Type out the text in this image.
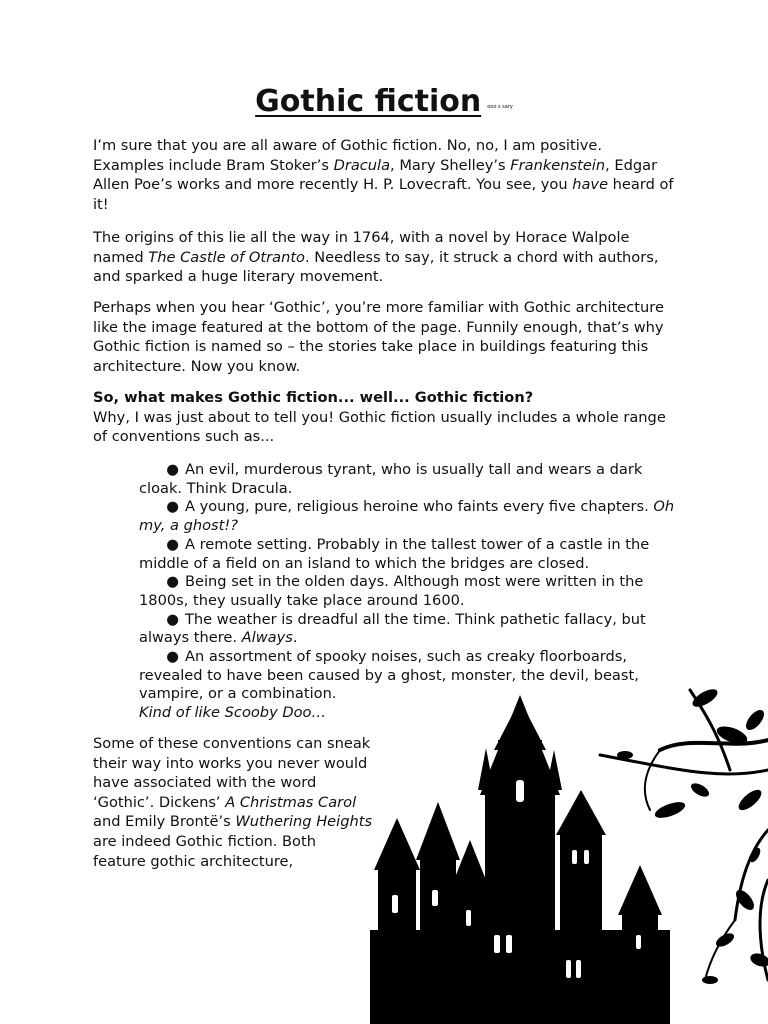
Gothic fiction ooo s sary

I’m sure that you are all aware of Gothic fiction. No, no, I am positive. Examples include Bram Stoker’s Dracula, Mary Shelley’s Frankenstein, Edgar Allen Poe’s works and more recently H. P. Lovecraft. You see, you have heard of it!

The origins of this lie all the way in 1764, with a novel by Horace Walpole named The Castle of Otranto. Needless to say, it struck a chord with authors, and sparked a huge literary movement.

Perhaps when you hear ‘Gothic’, you’re more familiar with Gothic architecture like the image featured at the bottom of the page. Funnily enough, that’s why Gothic fiction is named so – the stories take place in buildings featuring this architecture. Now you know.

So, what makes Gothic fiction... well... Gothic fiction?

Why, I was just about to tell you! Gothic fiction usually includes a whole range of conventions such as...

● An evil, murderous tyrant, who is usually tall and wears a dark cloak. Think Dracula.
● A young, pure, religious heroine who faints every five chapters. Oh my, a ghost!?
● A remote setting. Probably in the tallest tower of a castle in the middle of a field on an island to which the bridges are closed.
● Being set in the olden days. Although most were written in the 1800s, they usually take place around 1600.
● The weather is dreadful all the time. Think pathetic fallacy, but always there. Always.
● An assortment of spooky noises, such as creaky floorboards, revealed to have been caused by a ghost, monster, the devil, beast, vampire, or a combination.
Kind of like Scooby Doo…

Some of these conventions can sneak their way into works you never would have associated with the word ‘Gothic’. Dickens’ A Christmas Carol and Emily Brontë’s Wuthering Heights are indeed Gothic fiction. Both feature gothic architecture,
